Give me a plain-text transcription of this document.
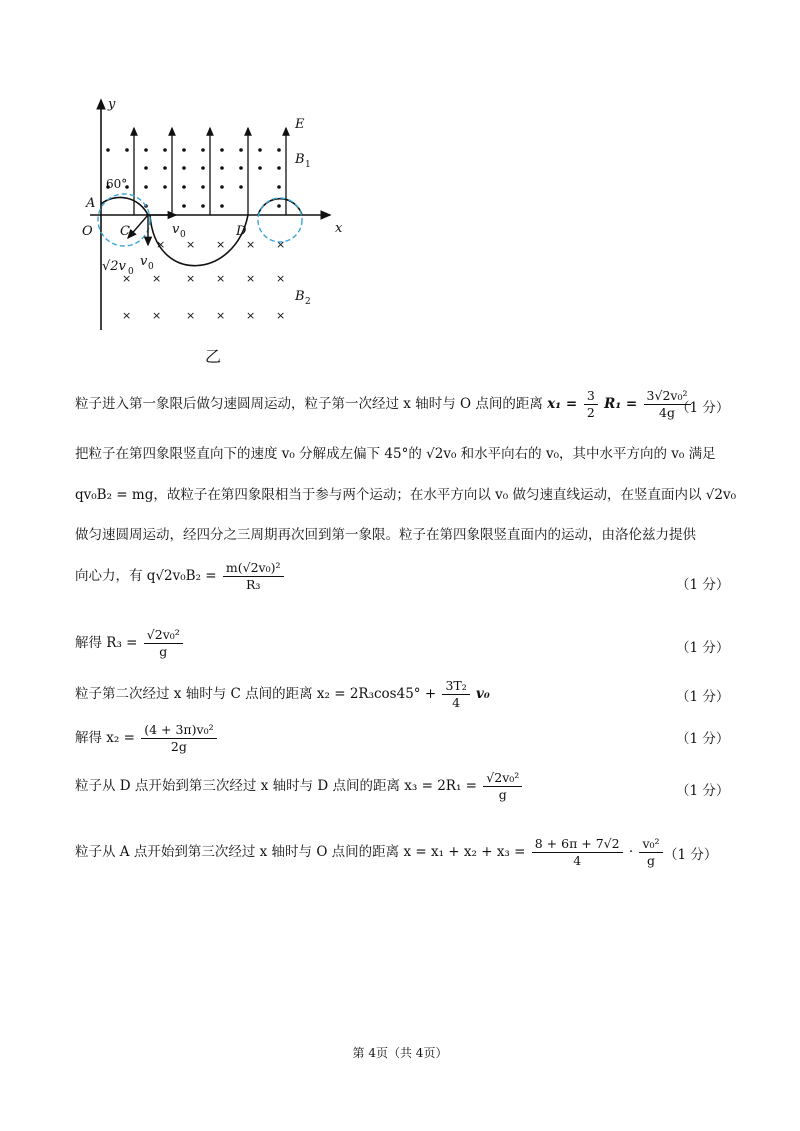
× × × × ×
× × × × × ×
× × × × × ×
y
x
E
B 1
B 2
A
O C	D
60°
v 0
v 0
√2v 0
乙
粒子进入第一象限后做匀速圆周运动，粒子第一次经过 x 轴时与 O 点间的距离 $x_1 = \frac{3}{2} R_1 = \frac{\text{3√2v₀²}}{4g}$
（1 分）
把粒子在第四象限竖直向下的速度 v₀ 分解成左偏下 45°的 √2v₀ 和水平向右的 v₀，其中水平方向的 v₀ 满足
qv₀B₂ = mg，故粒子在第四象限相当于参与两个运动；在水平方向以 v₀ 做匀速直线运动，在竖直面内以 √2v₀
做匀速圆周运动，经四分之三周期再次回到第一象限。粒子在第四象限竖直面内的运动，由洛伦兹力提供
向心力，有 $q√2v_0B_2 = \frac{\text{m(√2v₀)²}}{\text{R₃}}$	（1 分）
解得 $R_3 = \frac{\text{√2v₀²}}{g}$	（1 分）
粒子第二次经过 x 轴时与 C 点间的距离 $x_2 = 2R_3\cos 45^\circ + \frac{\text{3T₂}}{4} v_0$	（1 分）
解得 $x_2 = \frac{\text{(4 + 3π)v₀²}}{2g}$	（1 分）
粒子从 D 点开始到第三次经过 x 轴时与 D 点间的距离 $x_3 = 2R_1 = \frac{\text{√2v₀²}}{g}$	（1 分）
粒子从 A 点开始到第三次经过 x 轴时与 O 点间的距离 $x = x_1 + x_2 + x_3 = \frac{8 + 6\pi + 7√2}{4} \cdot \frac{\text{v₀²}}{g} (1$ 分）
第 4页（共 4页）
